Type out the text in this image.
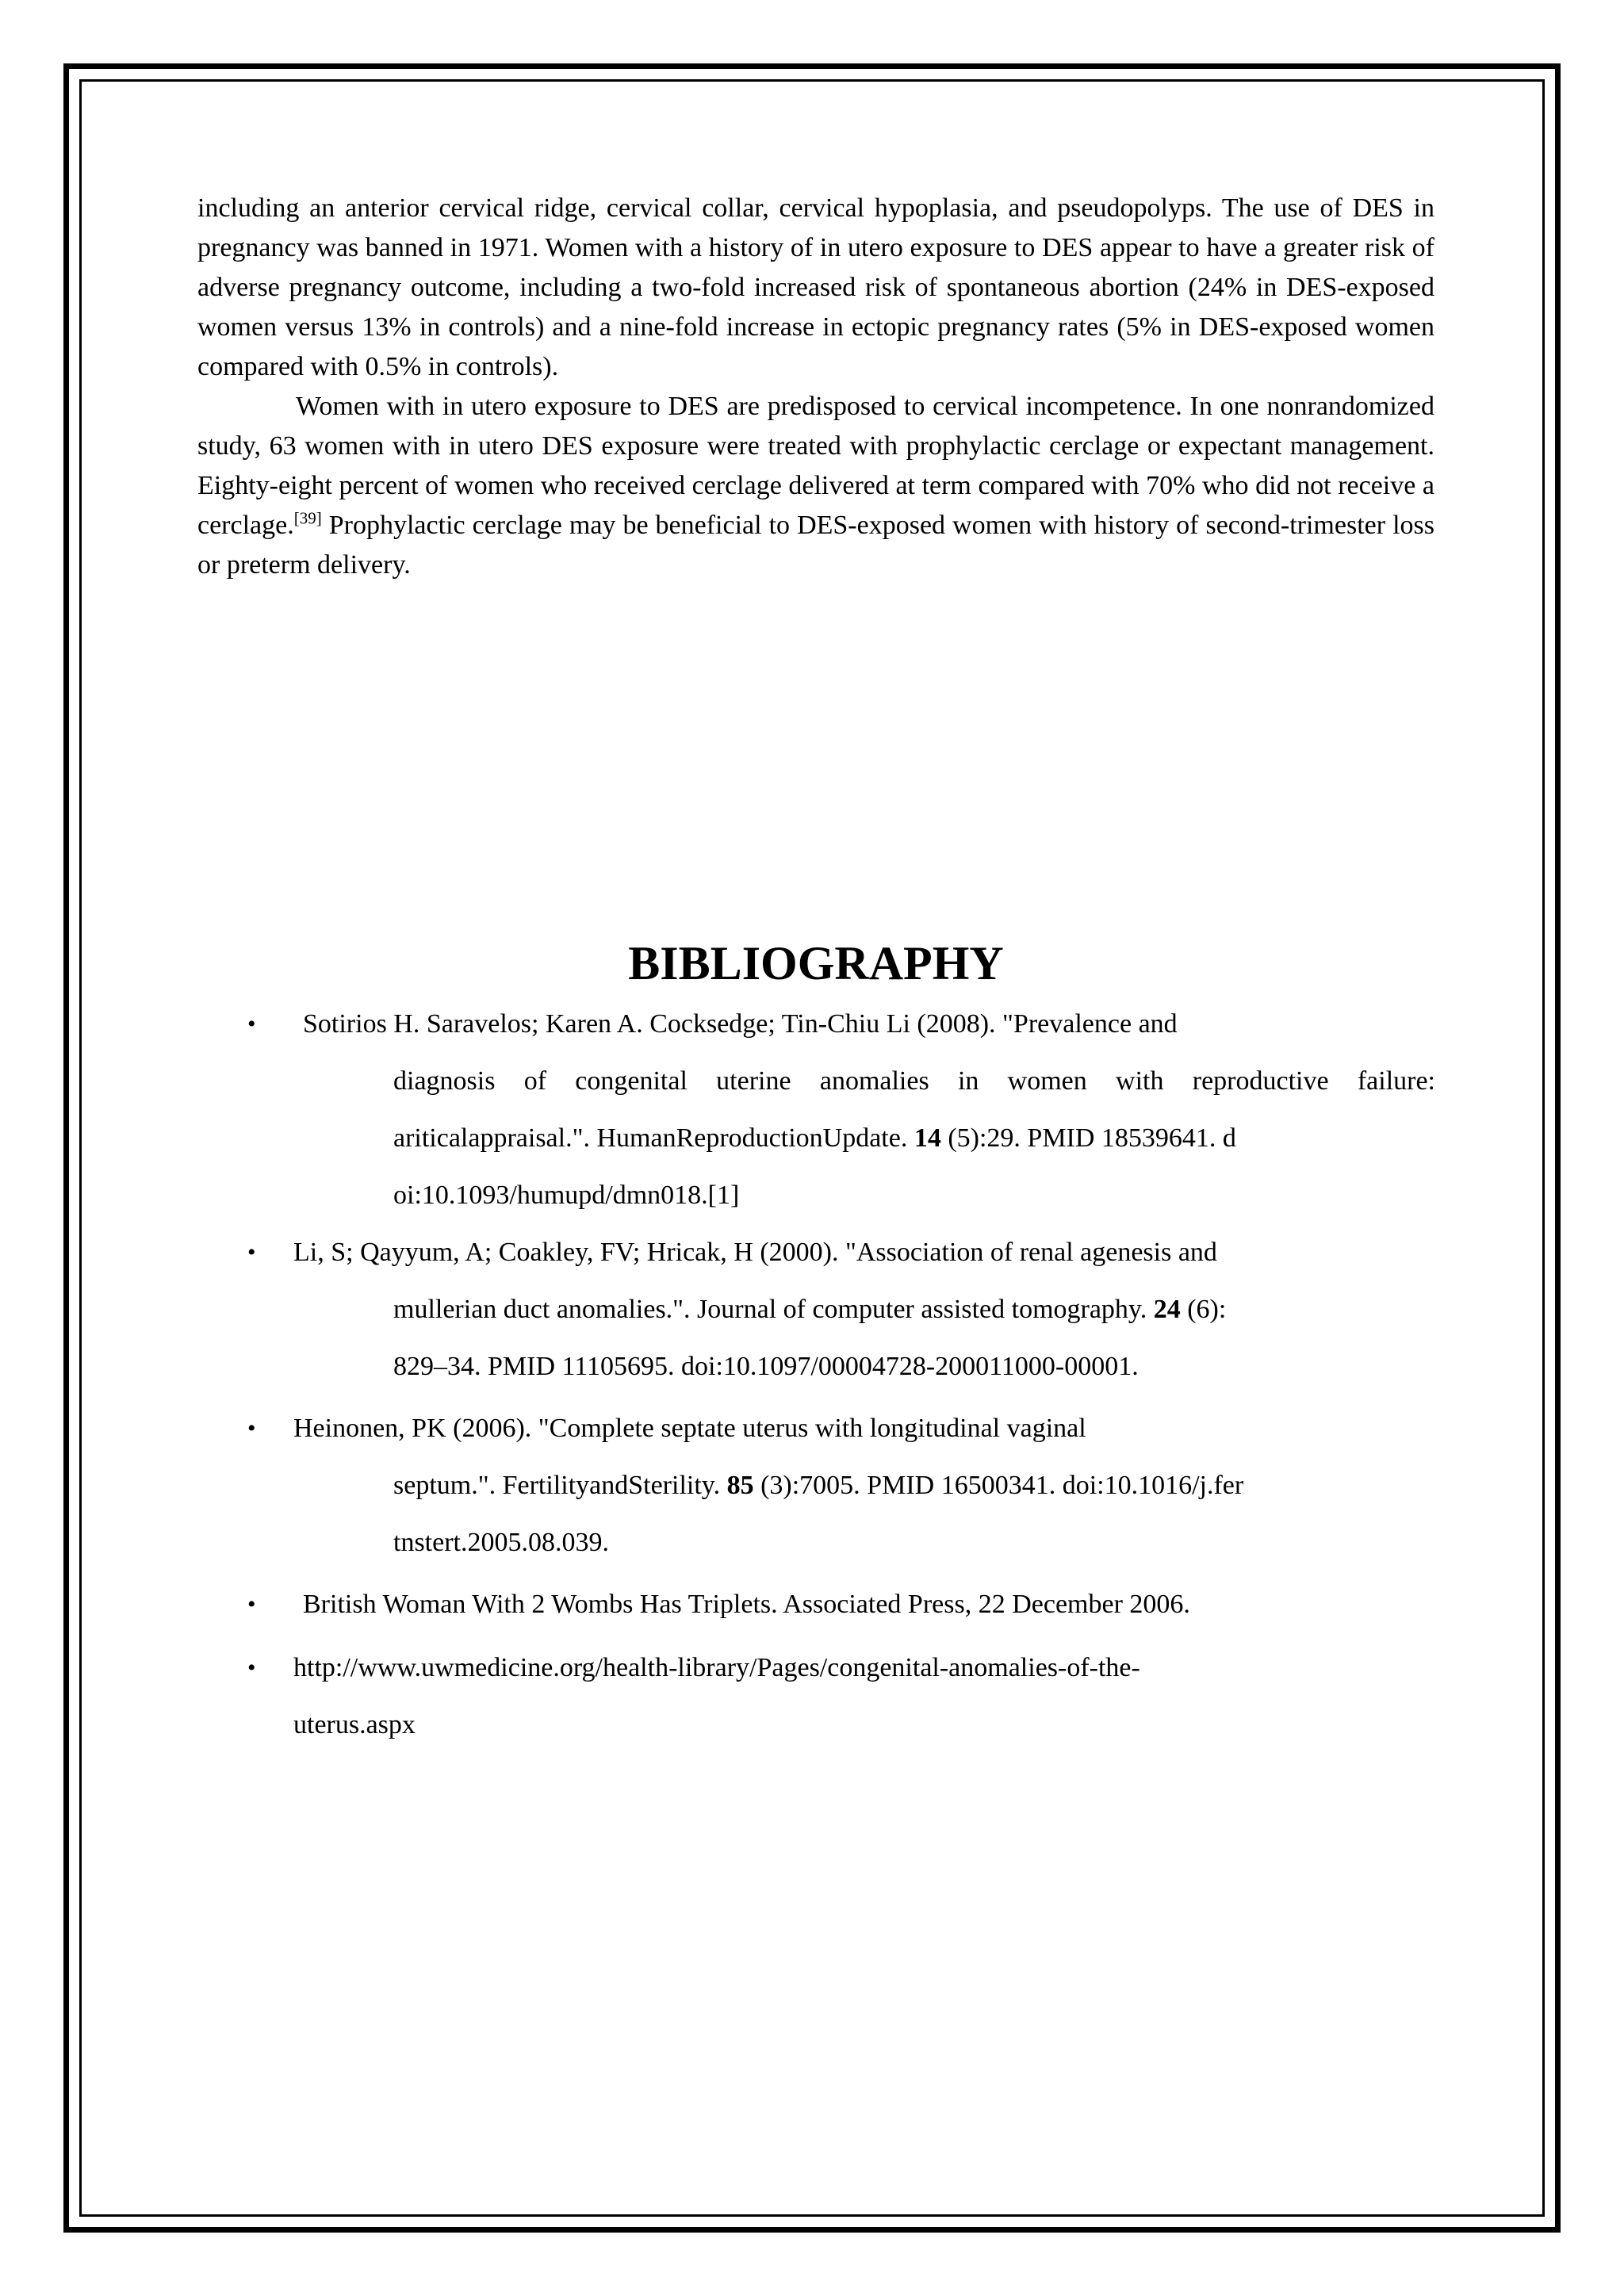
including an anterior cervical ridge, cervical collar, cervical hypoplasia, and pseudopolyps. The use of DES in pregnancy was banned in 1971. Women with a history of in utero exposure to DES appear to have a greater risk of adverse pregnancy outcome, including a two-fold increased risk of spontaneous abortion (24% in DES-exposed women versus 13% in controls) and a nine-fold increase in ectopic pregnancy rates (5% in DES-exposed women compared with 0.5% in controls).

Women with in utero exposure to DES are predisposed to cervical incompetence. In one nonrandomized study, 63 women with in utero DES exposure were treated with prophylactic cerclage or expectant management. Eighty-eight percent of women who received cerclage delivered at term compared with 70% who did not receive a cerclage.[39] Prophylactic cerclage may be beneficial to DES-exposed women with history of second-trimester loss or preterm delivery.

BIBLIOGRAPHY
•	Sotirios H. Saravelos; Karen A. Cocksedge; Tin-Chiu Li (2008). "Prevalence and
diagnosis of congenital uterine anomalies in women with reproductive failure:
ariticalappraisal.". HumanReproductionUpdate. 14 (5):29. PMID 18539641. d
oi:10.1093/humupd/dmn018.[1]
• Li, S; Qayyum, A; Coakley, FV; Hricak, H (2000). "Association of renal agenesis and
mullerian duct anomalies.". Journal of computer assisted tomography. 24 (6):
829–34. PMID 11105695. doi:10.1097/00004728-200011000-00001.
• Heinonen, PK (2006). "Complete septate uterus with longitudinal vaginal
septum.". FertilityandSterility. 85 (3):7005. PMID 16500341. doi:10.1016/j.fer
tnstert.2005.08.039.
•	British Woman With 2 Wombs Has Triplets. Associated Press, 22 December 2006.
• http://www.uwmedicine.org/health-library/Pages/congenital-anomalies-of-the-
uterus.aspx
